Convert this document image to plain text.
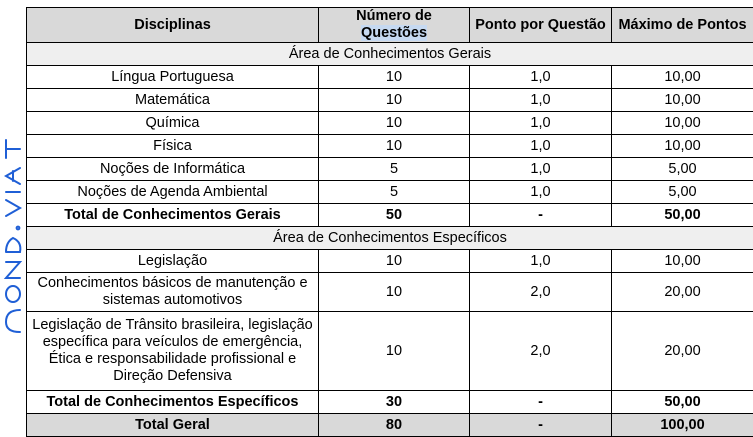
Disciplinas	Número de Questões	Ponto por Questão	Máximo de Pontos
Área de Conhecimentos Gerais			
Língua Portuguesa	10	1,0	10,00
Matemática	10	1,0	10,00
Química	10	1,0	10,00
Física	10	1,0	10,00
Noções de Informática	5	1,0	5,00
Noções de Agenda Ambiental	5	1,0	5,00
Total de Conhecimentos Gerais	50	-	50,00
Área de Conhecimentos Específicos			
Legislação	10	1,0	10,00
Conhecimentos básicos de manutenção e sistemas automotivos	10	2,0	20,00
Legislação de Trânsito brasileira, legislação específica para veículos de emergência, Ética e responsabilidade profissional e Direção Defensiva	10	2,0	20,00
Total de Conhecimentos Específicos	30	-	50,00
Total Geral	80	-	100,00
